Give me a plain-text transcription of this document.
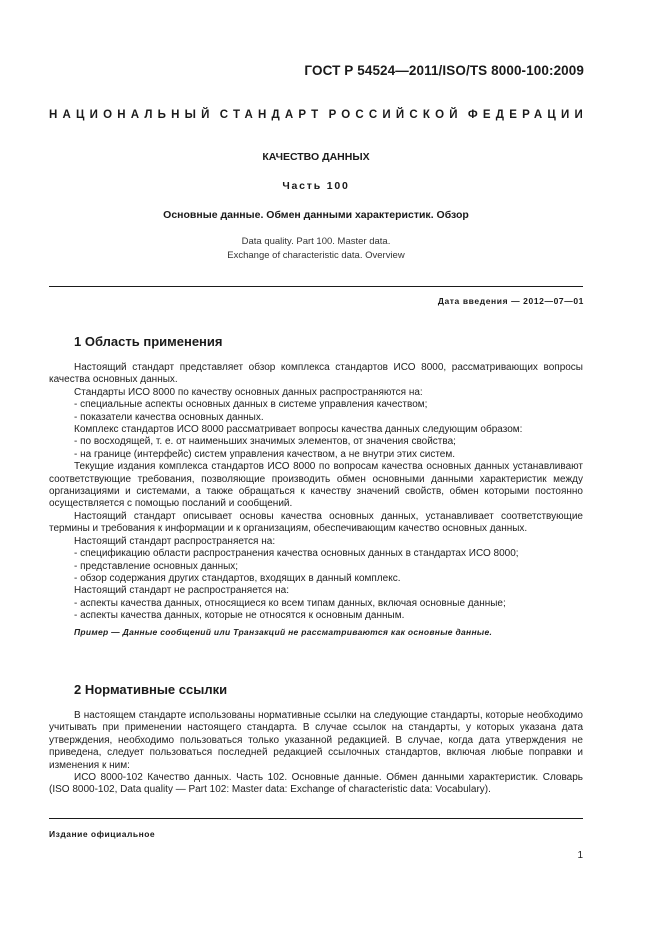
ГОСТ Р 54524—2011/ISO/TS 8000-100:2009
НАЦИОНАЛЬНЫЙ СТАНДАРТ РОССИЙСКОЙ ФЕДЕРАЦИИ
КАЧЕСТВО ДАННЫХ
Часть 100
Основные данные. Обмен данными характеристик. Обзор
Data quality. Part 100. Master data.
Exchange of characteristic data. Overview
Дата введения — 2012—07—01
1 Область применения
Настоящий стандарт представляет обзор комплекса стандартов ИСО 8000, рассматривающих вопросы качества основных данных.
Стандарты ИСО 8000 по качеству основных данных распространяются на:
- специальные аспекты основных данных в системе управления качеством;
- показатели качества основных данных.
Комплекс стандартов ИСО 8000 рассматривает вопросы качества данных следующим образом:
- по восходящей, т. е. от наименьших значимых элементов, от значения свойства;
- на границе (интерфейс) систем управления качеством, а не внутри этих систем.
Текущие издания комплекса стандартов ИСО 8000 по вопросам качества основных данных устанавливают соответствующие требования, позволяющие производить обмен основными данными характеристик между организациями и системами, а также обращаться к качеству значений свойств, обмен которыми постоянно осуществляется с помощью посланий и сообщений.
Настоящий стандарт описывает основы качества основных данных, устанавливает соответствующие термины и требования к информации и к организациям, обеспечивающим качество основных данных.
Настоящий стандарт распространяется на:
- спецификацию области распространения качества основных данных в стандартах ИСО 8000;
- представление основных данных;
- обзор содержания других стандартов, входящих в данный комплекс.
Настоящий стандарт не распространяется на:
- аспекты качества данных, относящиеся ко всем типам данных, включая основные данные;
- аспекты качества данных, которые не относятся к основным данным.
Пример — Данные сообщений или Транзакций не рассматриваются как основные данные.
2 Нормативные ссылки
В настоящем стандарте использованы нормативные ссылки на следующие стандарты, которые необходимо учитывать при применении настоящего стандарта. В случае ссылок на стандарты, у которых указана дата утверждения, необходимо пользоваться только указанной редакцией. В случае, когда дата утверждения не приведена, следует пользоваться последней редакцией ссылочных стандартов, включая любые поправки и изменения к ним:
ИСО 8000-102 Качество данных. Часть 102. Основные данные. Обмен данными характеристик. Словарь (ISO 8000-102, Data quality — Part 102: Master data: Exchange of characteristic data: Vocabulary).
Издание официальное
1
